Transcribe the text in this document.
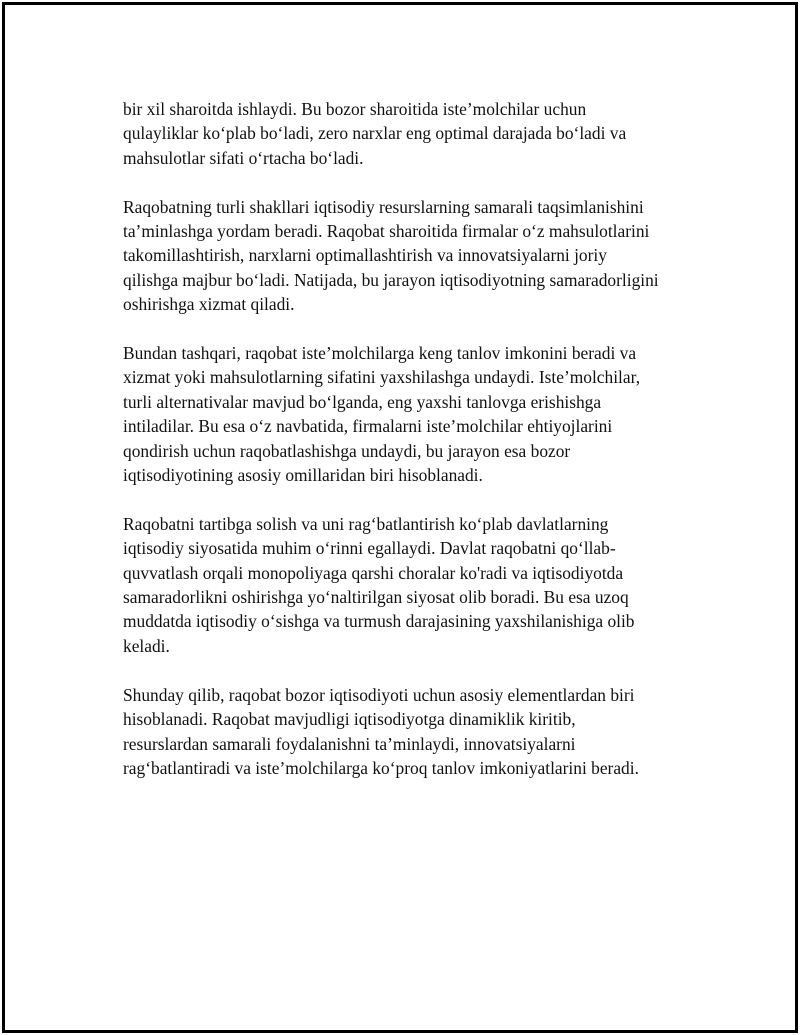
bir xil sharoitda ishlaydi. Bu bozor sharoitida iste’molchilar uchun
qulayliklar ko‘plab bo‘ladi, zero narxlar eng optimal darajada bo‘ladi va
mahsulotlar sifati o‘rtacha bo‘ladi.

Raqobatning turli shakllari iqtisodiy resurslarning samarali taqsimlanishini
ta’minlashga yordam beradi. Raqobat sharoitida firmalar o‘z mahsulotlarini
takomillashtirish, narxlarni optimallashtirish va innovatsiyalarni joriy
qilishga majbur bo‘ladi. Natijada, bu jarayon iqtisodiyotning samaradorligini
oshirishga xizmat qiladi.

Bundan tashqari, raqobat iste’molchilarga keng tanlov imkonini beradi va
xizmat yoki mahsulotlarning sifatini yaxshilashga undaydi. Iste’molchilar,
turli alternativalar mavjud bo‘lganda, eng yaxshi tanlovga erishishga
intiladilar. Bu esa o‘z navbatida, firmalarni iste’molchilar ehtiyojlarini
qondirish uchun raqobatlashishga undaydi, bu jarayon esa bozor
iqtisodiyotining asosiy omillaridan biri hisoblanadi.

Raqobatni tartibga solish va uni rag‘batlantirish ko‘plab davlatlarning
iqtisodiy siyosatida muhim o‘rinni egallaydi. Davlat raqobatni qo‘llab-
quvvatlash orqali monopoliyaga qarshi choralar ko'radi va iqtisodiyotda
samaradorlikni oshirishga yo‘naltirilgan siyosat olib boradi. Bu esa uzoq
muddatda iqtisodiy o‘sishga va turmush darajasining yaxshilanishiga olib
keladi.

Shunday qilib, raqobat bozor iqtisodiyoti uchun asosiy elementlardan biri
hisoblanadi. Raqobat mavjudligi iqtisodiyotga dinamiklik kiritib,
resurslardan samarali foydalanishni ta’minlaydi, innovatsiyalarni
rag‘batlantiradi va iste’molchilarga ko‘proq tanlov imkoniyatlarini beradi.
